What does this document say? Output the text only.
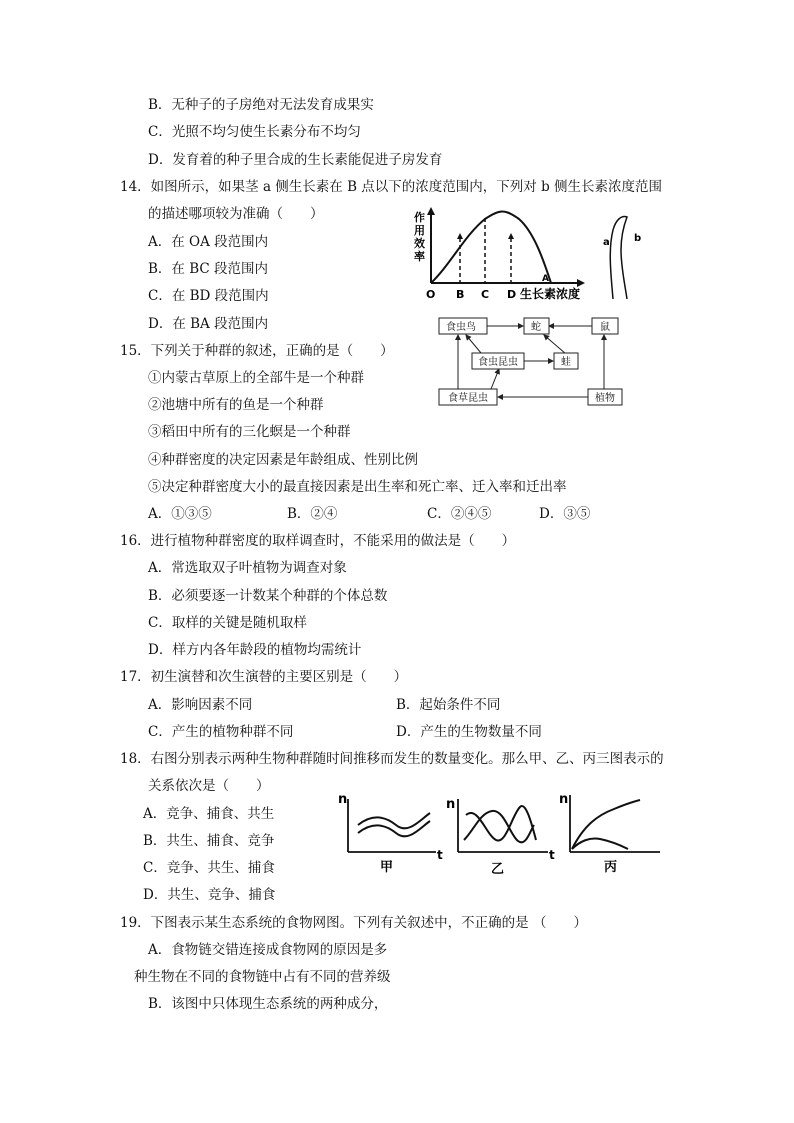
B．无种子的子房绝对无法发育成果实
C．光照不均匀使生长素分布不均匀
D．发育着的种子里合成的生长素能促进子房发育
14．如图所示，如果茎 a 侧生长素在 B 点以下的浓度范围内，下列对 b 侧生长素浓度范围
的描述哪项较为准确（　　）
A．在 OA 段范围内
B．在 BC 段范围内
C．在 BD 段范围内
D．在 BA 段范围内
作
用
效
率
O B C D
A
生长素浓度
a b
食虫鸟	蛇	鼠
食虫昆虫	蛙
食草昆虫	植物
15．下列关于种群的叙述，正确的是（　　）
①内蒙古草原上的全部牛是一个种群
②池塘中所有的鱼是一个种群
③稻田中所有的三化螟是一个种群
④种群密度的决定因素是年龄组成、性别比例
⑤决定种群密度大小的最直接因素是出生率和死亡率、迁入率和迁出率
A．①③⑤	B．②④	C．②④⑤	D．③⑤
16．进行植物种群密度的取样调查时，不能采用的做法是（　　）
A．常选取双子叶植物为调查对象
B．必须要逐一计数某个种群的个体总数
C．取样的关键是随机取样
D．样方内各年龄段的植物均需统计
17．初生演替和次生演替的主要区别是（　　）
A．影响因素不同	B．起始条件不同
C．产生的植物种群不同	D．产生的生物数量不同
18．右图分别表示两种生物种群随时间推移而发生的数量变化。那么甲、乙、丙三图表示的
关系依次是（　　）
A．竞争、捕食、共生
B．共生、捕食、竞争
C．竞争、共生、捕食
D．共生、竞争、捕食
n
t
甲
n
t
乙
n
丙
19．下图表示某生态系统的食物网图。下列有关叙述中，不正确的是 （　　）
A．食物链交错连接成食物网的原因是多
种生物在不同的食物链中占有不同的营养级
B．该图中只体现生态系统的两种成分，
